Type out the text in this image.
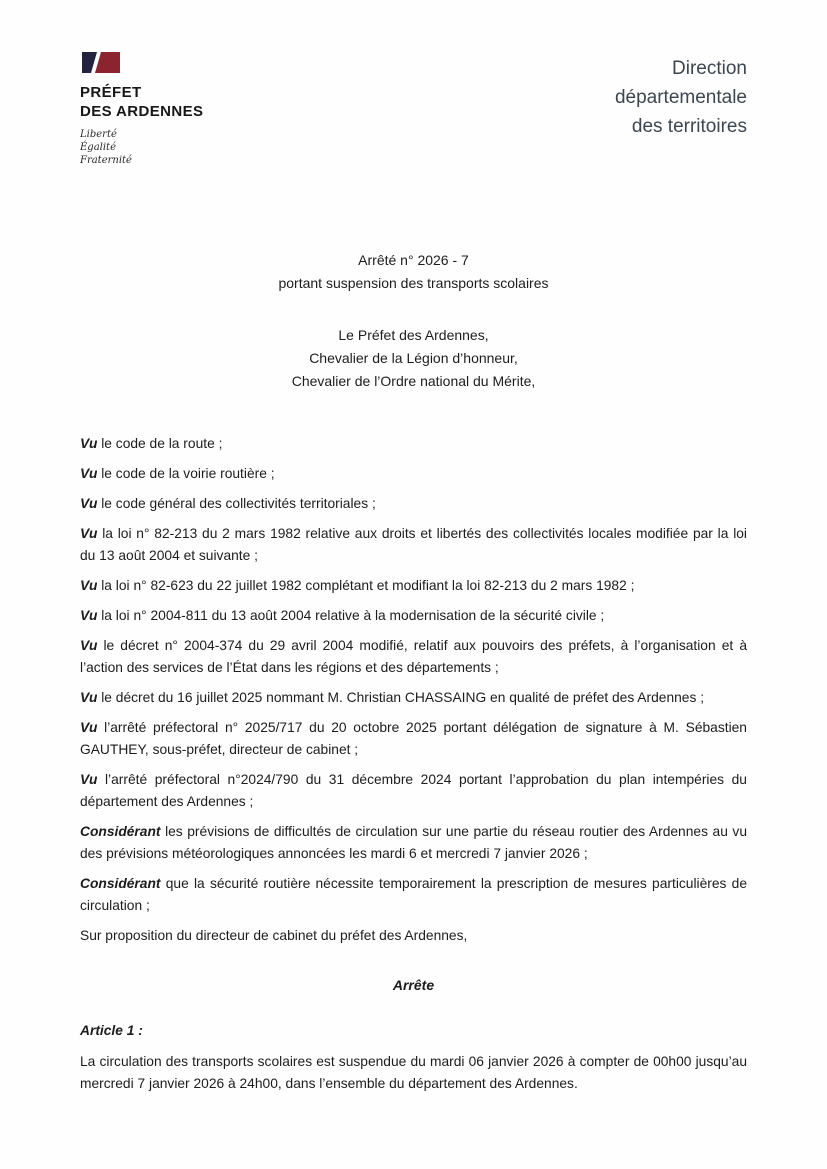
PRÉFET
DES ARDENNES
Liberté
Égalité
Fraternité
Direction
départementale
des territoires
Arrêté n° 2026 - 7
portant suspension des transports scolaires
Le Préfet des Ardennes,
Chevalier de la Légion d’honneur,
Chevalier de l’Ordre national du Mérite,

Vu le code de la route ;

Vu le code de la voirie routière ;

Vu le code général des collectivités territoriales ;

Vu la loi n° 82-213 du 2 mars 1982 relative aux droits et libertés des collectivités locales modifiée par la loi du 13 août 2004 et suivante ;

Vu la loi n° 82-623 du 22 juillet 1982 complétant et modifiant la loi 82-213 du 2 mars 1982 ;

Vu la loi n° 2004-811 du 13 août 2004 relative à la modernisation de la sécurité civile ;

Vu le décret n° 2004-374 du 29 avril 2004 modifié, relatif aux pouvoirs des préfets, à l’organisation et à l’action des services de l’État dans les régions et des départements ;

Vu le décret du 16 juillet 2025 nommant M. Christian CHASSAING en qualité de préfet des Ardennes ;

Vu l’arrêté préfectoral n° 2025/717 du 20 octobre 2025 portant délégation de signature à M. Sébastien GAUTHEY, sous-préfet, directeur de cabinet ;

Vu l’arrêté préfectoral n°2024/790 du 31 décembre 2024 portant l’approbation du plan intempéries du département des Ardennes ;

Considérant les prévisions de difficultés de circulation sur une partie du réseau routier des Ardennes au vu des prévisions météorologiques annoncées les mardi 6 et mercredi 7 janvier 2026 ;

Considérant que la sécurité routière nécessite temporairement la prescription de mesures particulières de circulation ;

Sur proposition du directeur de cabinet du préfet des Ardennes,

Arrête
Article 1 :

La circulation des transports scolaires est suspendue du mardi 06 janvier 2026 à compter de 00h00 jusqu’au mercredi 7 janvier 2026 à 24h00, dans l’ensemble du département des Ardennes.
